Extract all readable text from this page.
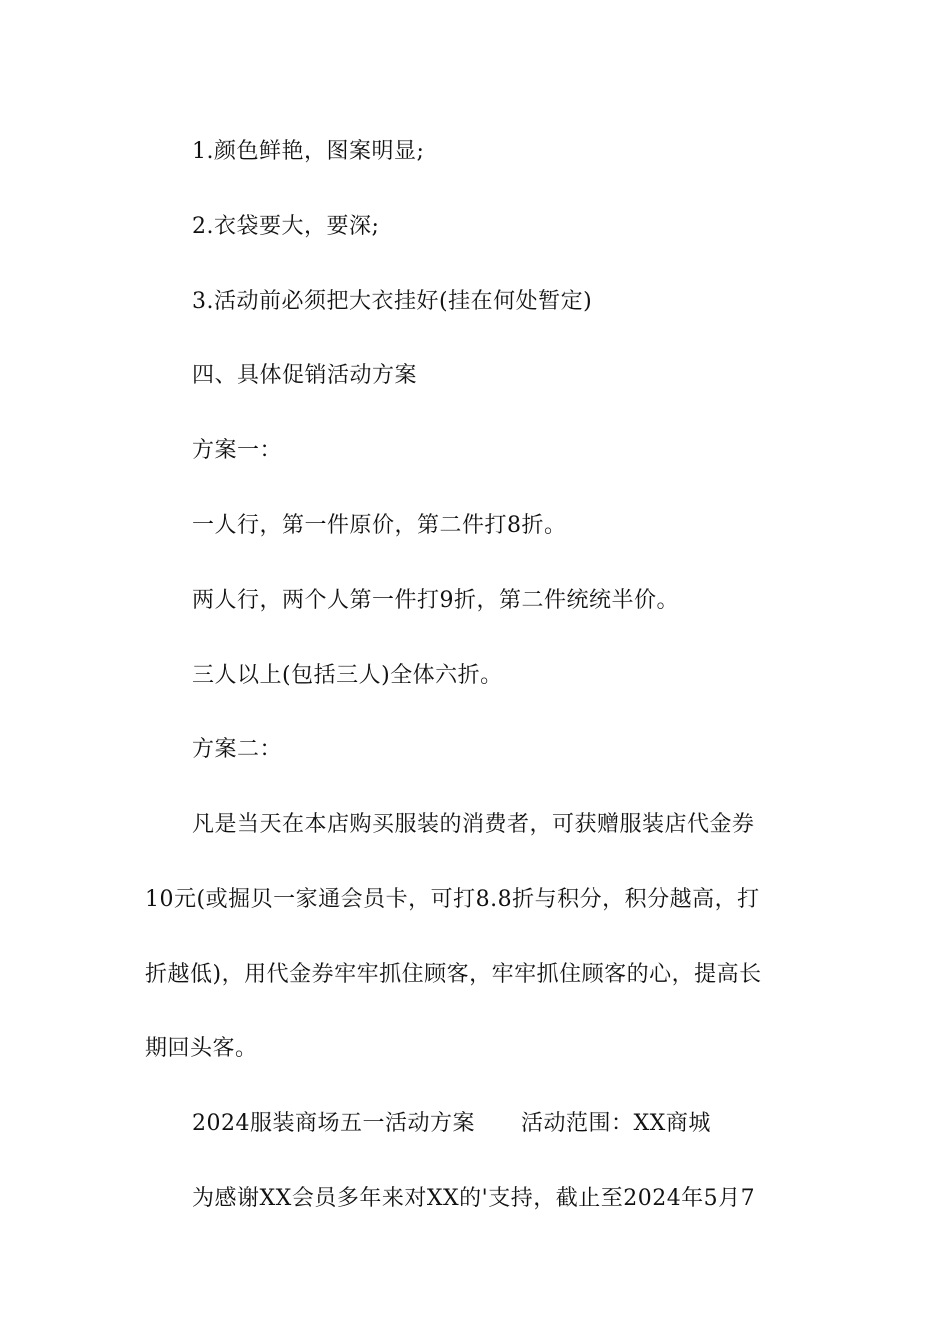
1.颜色鲜艳，图案明显;
2.衣袋要大，要深;
3.活动前必须把大衣挂好(挂在何处暂定)
四、具体促销活动方案
方案一：
一人行，第一件原价，第二件打8折。
两人行，两个人第一件打9折，第二件统统半价。
三人以上(包括三人)全体六折。
方案二：
凡是当天在本店购买服装的消费者，可获赠服装店代金券
10元(或掘贝一家通会员卡，可打8.8折与积分，积分越高，打
折越低)，用代金券牢牢抓住顾客，牢牢抓住顾客的心，提高长
期回头客。
2024服装商场五一活动方案 活动范围：XX商城
为感谢XX会员多年来对XX的'支持，截止至2024年5月7
